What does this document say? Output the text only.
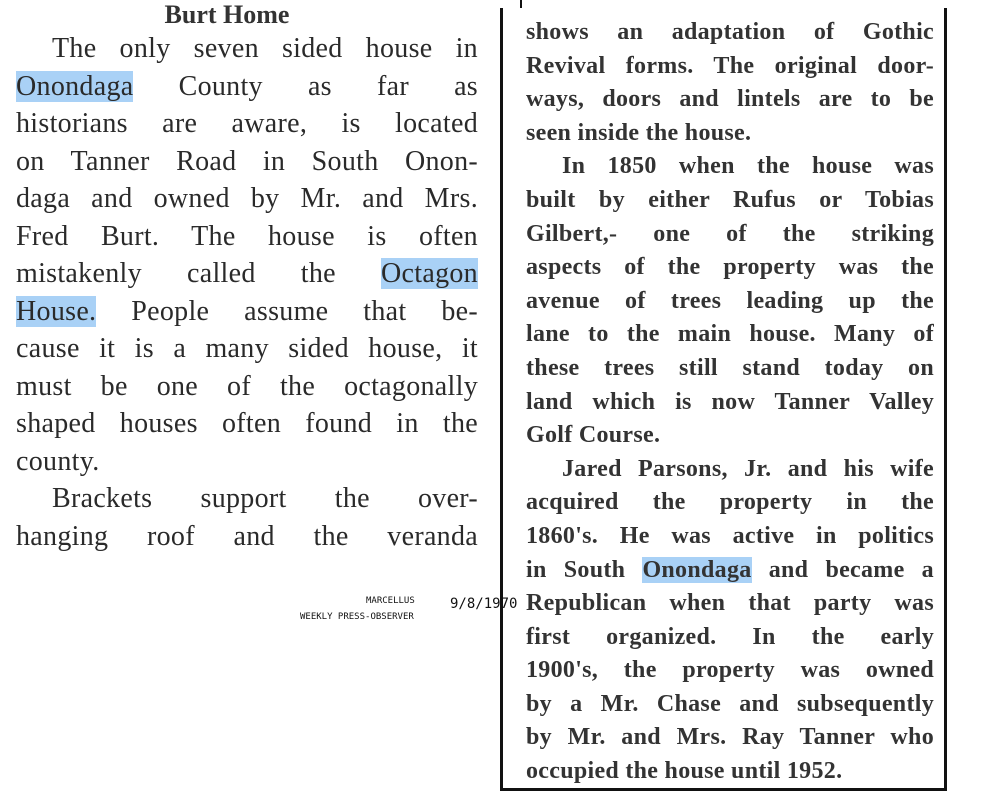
Burt Home
The only seven sided house in
Onondaga County as far as
historians are aware, is located
on Tanner Road in South Onon-
daga and owned by Mr. and Mrs.
Fred Burt. The house is often
mistakenly called the Octagon
House. People assume that be-
cause it is a many sided house, it
must be one of the octagonally
shaped houses often found in the
county.
Brackets support the over-
hanging roof and the veranda
shows an adaptation of Gothic
Revival forms. The original door-
ways, doors and lintels are to be
seen inside the house.
In 1850 when the house was
built by either Rufus or Tobias
Gilbert,- one of the striking
aspects of the property was the
avenue of trees leading up the
lane to the main house. Many of
these trees still stand today on
land which is now Tanner Valley
Golf Course.
Jared Parsons, Jr. and his wife
acquired the property in the
1860's. He was active in politics
in South Onondaga and became a
Republican when that party was
first organized. In the early
1900's, the property was owned
by a Mr. Chase and subsequently
by Mr. and Mrs. Ray Tanner who
occupied the house until 1952.
MARCELLUS	9/8/1970
WEEKLY PRESS-OBSERVER
